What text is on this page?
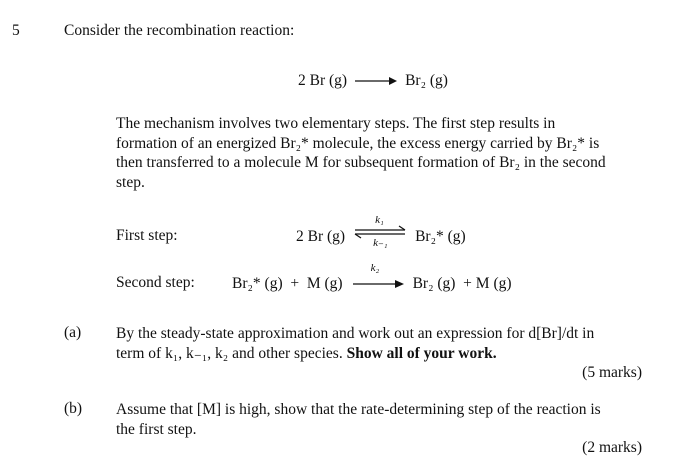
5	Consider the recombination reaction:
2 Br (g) → Br₂ (g)

The mechanism involves two elementary steps. The first step results in

formation of an energized Br₂* molecule, the excess energy carried by Br₂* is

then transferred to a molecule M for subsequent formation of Br₂ in the second

step.

First step:	2 Br (g)
k₁
k₋₁ Br₂* (g)
Second step: Br₂* (g)  +  M (g)
k₂
Br₂ (g)  + M (g)
(a) By the steady-state approximation and work out an expression for d[Br]/dt in
term of k₁, k₋₁, k₂ and other species. Show all of your work.
(5 marks)
(b) Assume that [M] is high, show that the rate-determining step of the reaction is
the first step.
(2 marks)
